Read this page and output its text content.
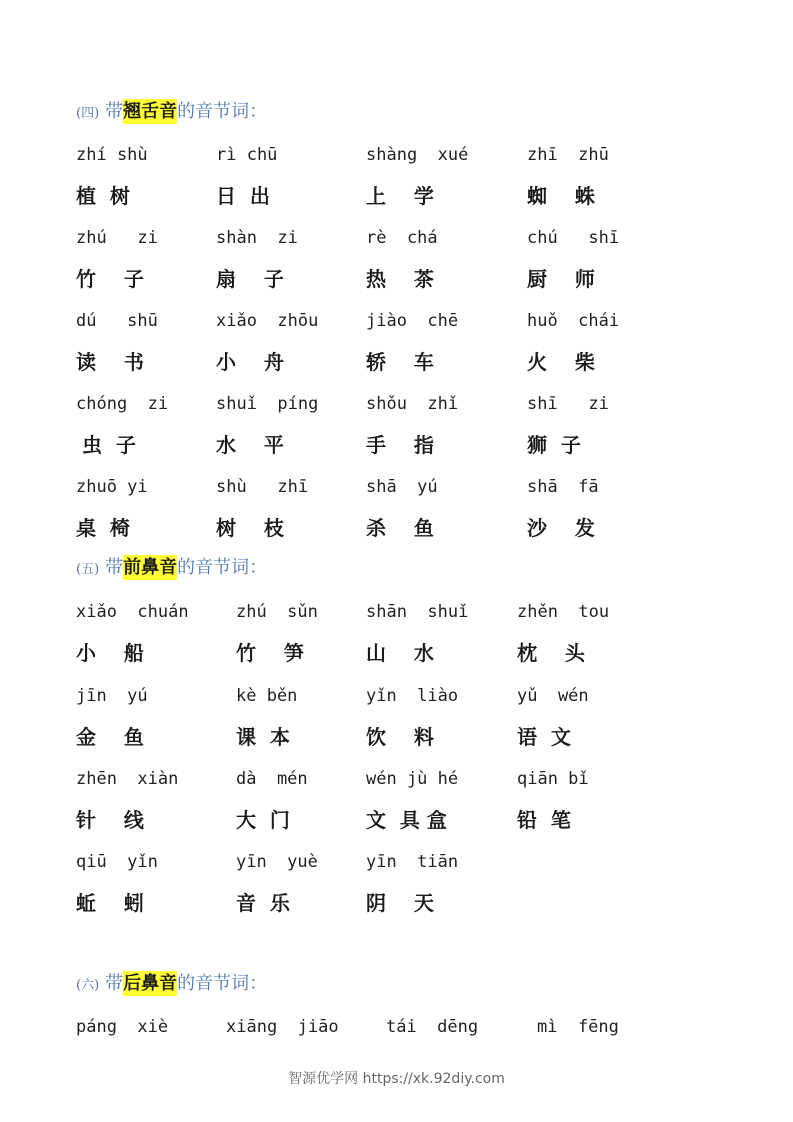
(四) 带翘舌音的音节词：
zhí shù	rì chū	shàng  xué	zhī  zhū
植  树	日  出	上    学	蜘    蛛
zhú   zi	shàn  zi	rè  chá	chú   shī
竹    子	扇    子	热    茶	厨    师
dú   shū	xiǎo  zhōu	jiào  chē	huǒ  chái
读    书	小    舟	轿    车	火    柴
chóng  zi	shuǐ  píng	shǒu  zhǐ	shī   zi
虫  子	水    平	手    指	狮  子
zhuō yi	shù   zhī	shā  yú	shā  fā
桌  椅	树    枝	杀    鱼	沙    发
(五) 带前鼻音的音节词：
xiǎo  chuán	zhú  sǔn	shān  shuǐ	zhěn  tou
小    船	竹    笋	山    水	枕    头
jīn  yú	kè běn	yǐn  liào	yǔ  wén
金    鱼	课  本	饮    料	语  文
zhēn  xiàn	dà  mén	wén jù hé	qiān bǐ
针    线	大  门	文  具 盒	铅  笔
qiū  yǐn	yīn  yuè	yīn  tiān
蚯    蚓	音  乐	阴    天
(六) 带后鼻音的音节词：
páng  xiè	xiāng  jiāo	tái  dēng	mì  fēng
智源优学网 https://xk.92diy.com
